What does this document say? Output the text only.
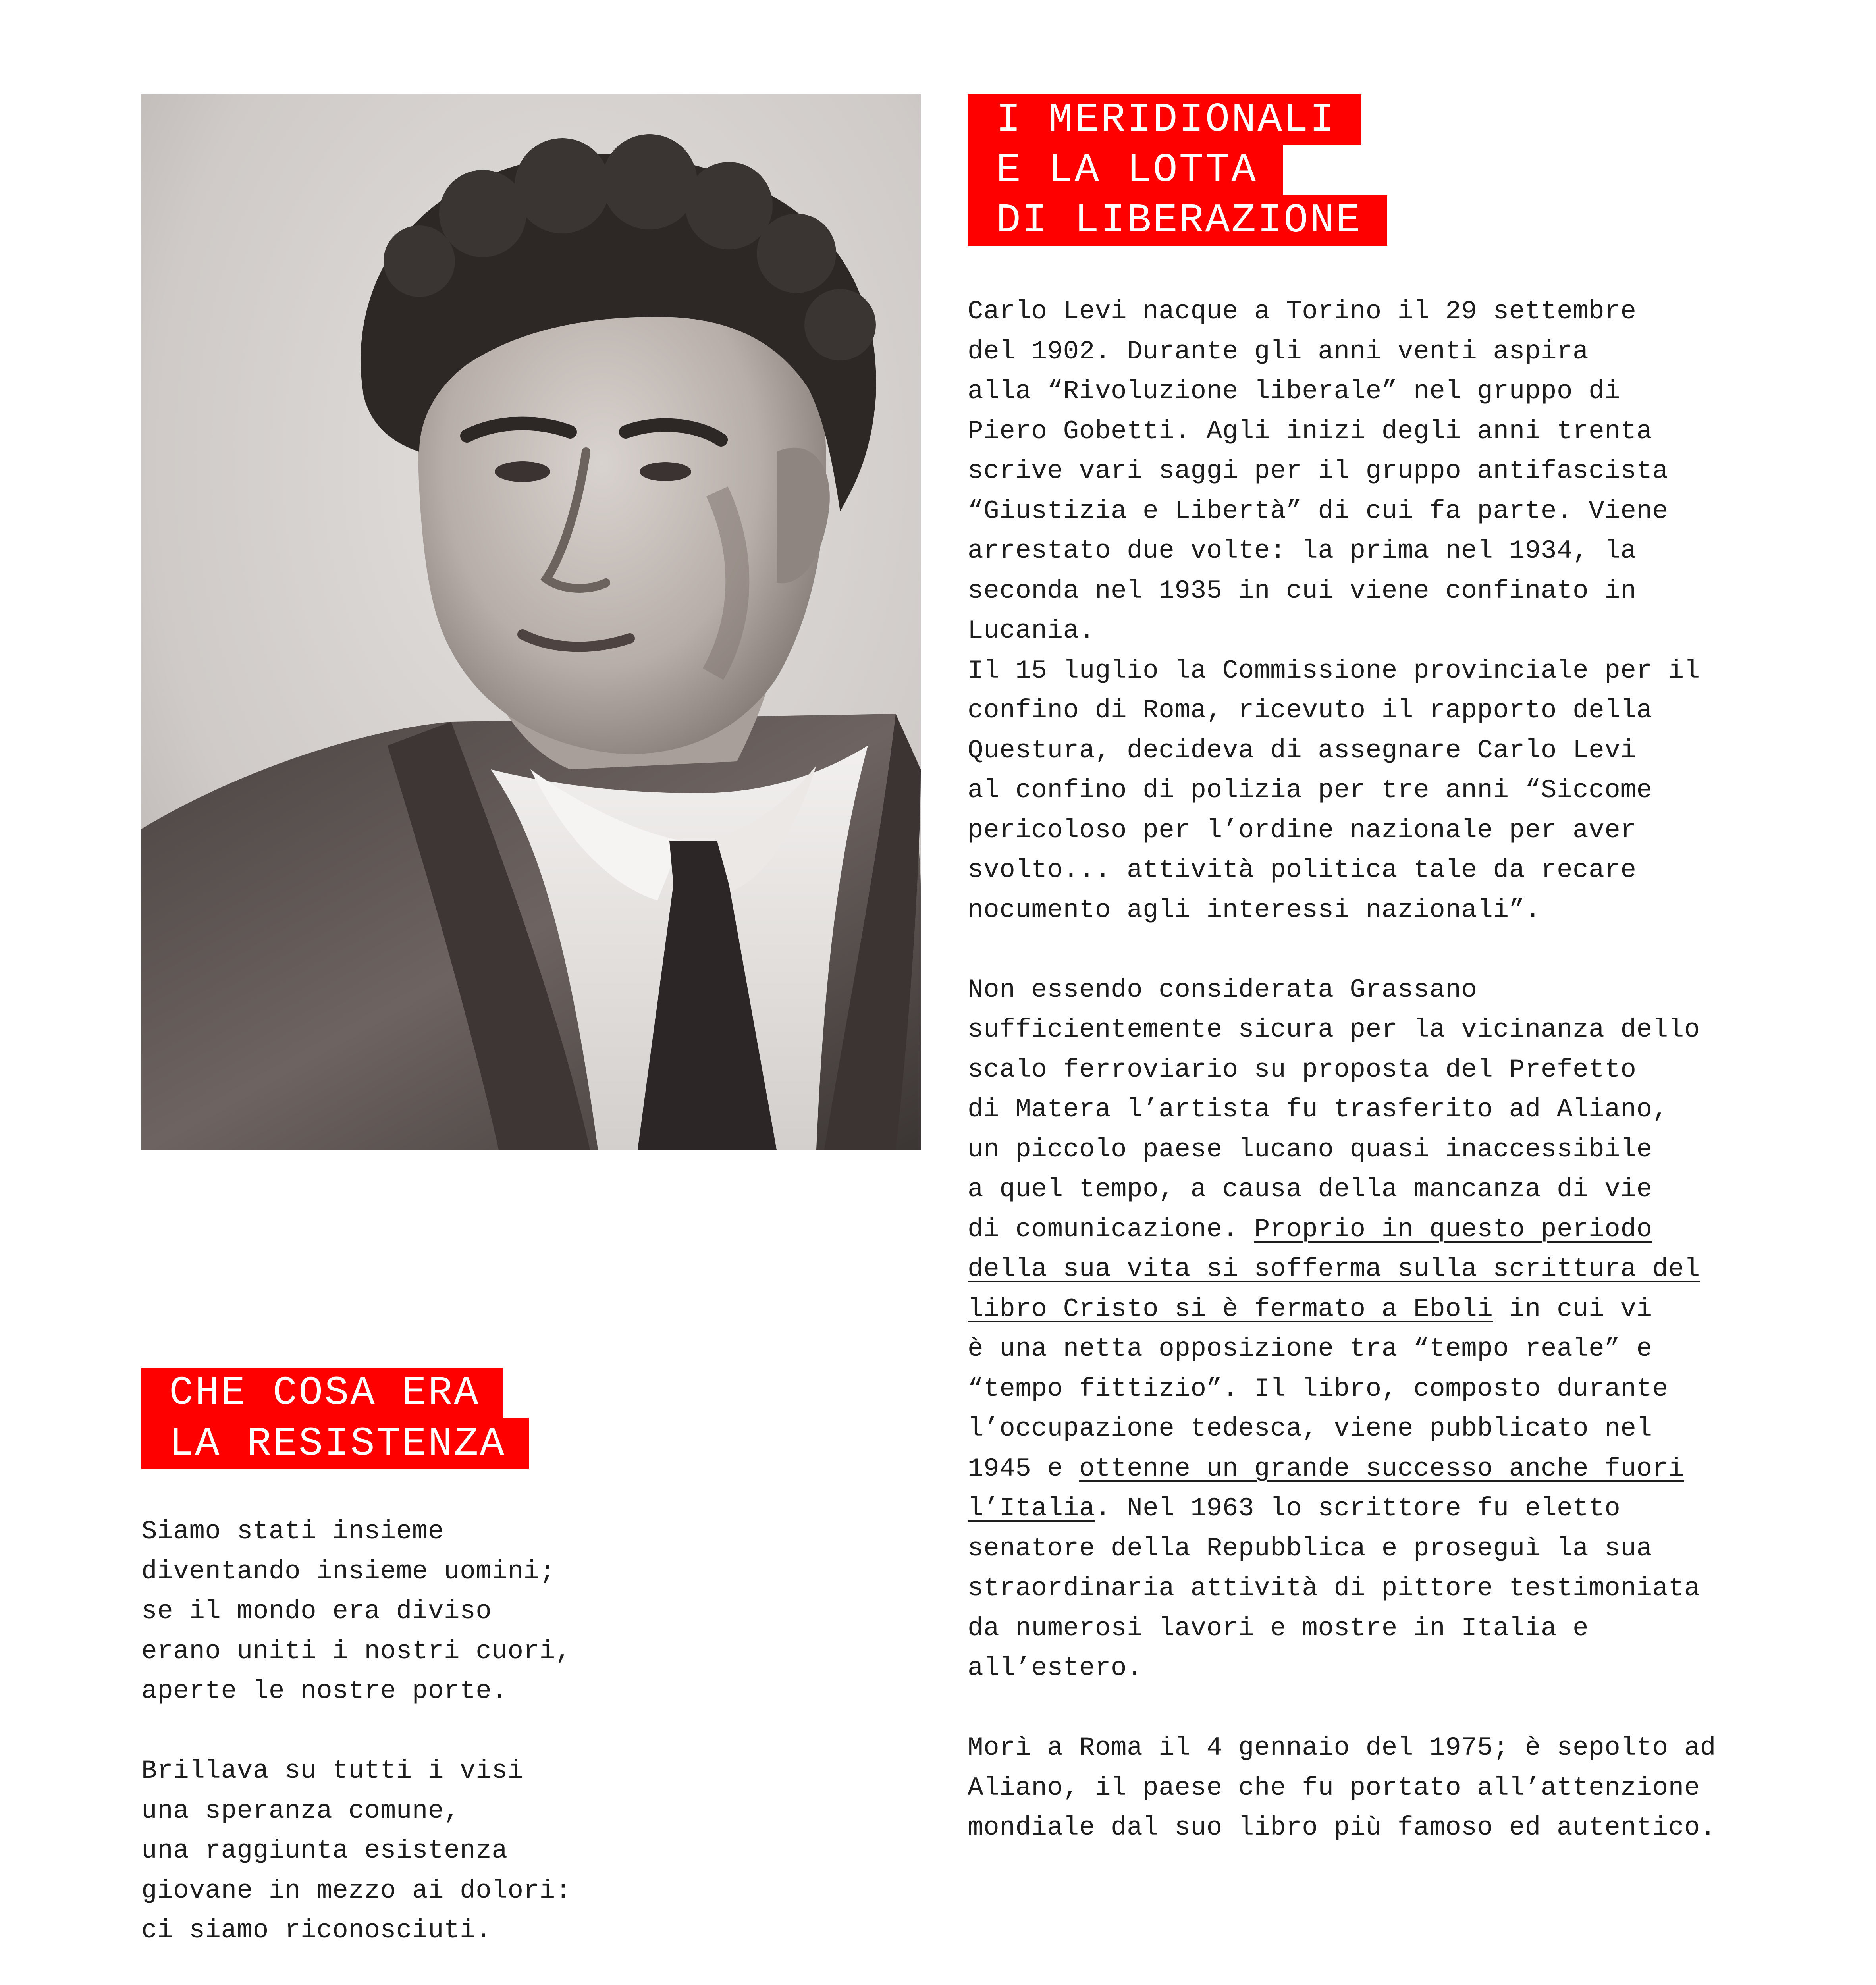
I MERIDIONALI
E LA LOTTA
DI LIBERAZIONE
Carlo Levi nacque a Torino il 29 settembre
del 1902. Durante gli anni venti aspira
alla “Rivoluzione liberale” nel gruppo di
Piero Gobetti. Agli inizi degli anni trenta
scrive vari saggi per il gruppo antifascista
“Giustizia e Libertà” di cui fa parte. Viene
arrestato due volte: la prima nel 1934, la
seconda nel 1935 in cui viene confinato in
Lucania.
Il 15 luglio la Commissione provinciale per il
confino di Roma, ricevuto il rapporto della
Questura, decideva di assegnare Carlo Levi
al confino di polizia per tre anni “Siccome
pericoloso per l’ordine nazionale per aver
svolto... attività politica tale da recare
nocumento agli interessi nazionali”.
Non essendo considerata Grassano
sufficientemente sicura per la vicinanza dello
scalo ferroviario su proposta del Prefetto
di Matera l’artista fu trasferito ad Aliano,
un piccolo paese lucano quasi inaccessibile
a quel tempo, a causa della mancanza di vie
di comunicazione. Proprio in questo periodo
della sua vita si sofferma sulla scrittura del
libro Cristo si è fermato a Eboli in cui vi
è una netta opposizione tra “tempo reale” e
“tempo fittizio”. Il libro, composto durante
l’occupazione tedesca, viene pubblicato nel
1945 e ottenne un grande successo anche fuori
l’Italia. Nel 1963 lo scrittore fu eletto
senatore della Repubblica e proseguì la sua
straordinaria attività di pittore testimoniata
da numerosi lavori e mostre in Italia e
all’estero.
Morì a Roma il 4 gennaio del 1975; è sepolto ad
Aliano, il paese che fu portato all’attenzione
mondiale dal suo libro più famoso ed autentico.
CHE COSA ERA
LA RESISTENZA
Siamo stati insieme
diventando insieme uomini;
se il mondo era diviso
erano uniti i nostri cuori,
aperte le nostre porte.
Brillava su tutti i visi
una speranza comune,
una raggiunta esistenza
giovane in mezzo ai dolori:
ci siamo riconosciuti.
